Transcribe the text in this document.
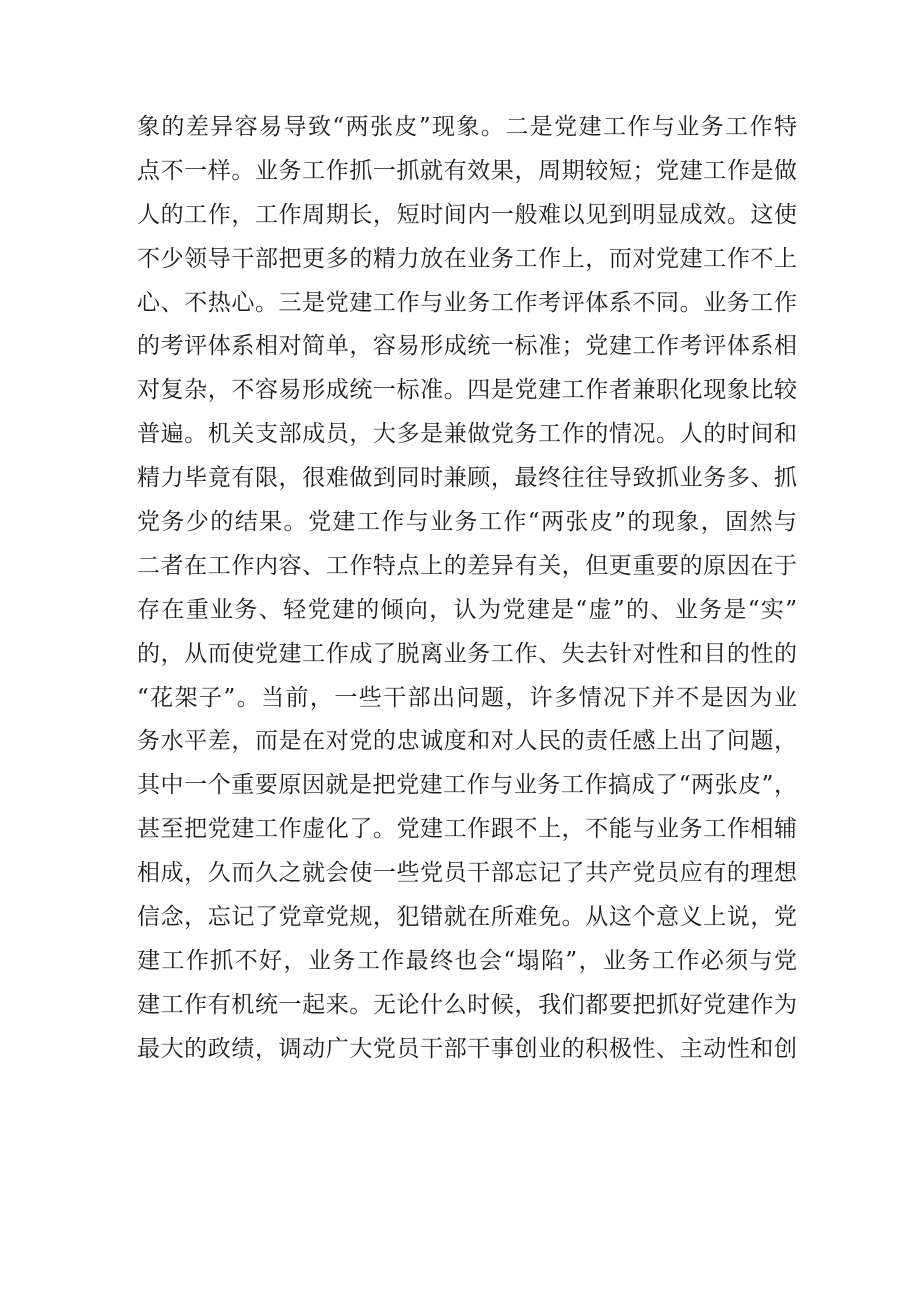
象的差异容易导致“两张皮”现象。二是党建工作与业务工作特
点不一样。业务工作抓一抓就有效果，周期较短；党建工作是做
人的工作，工作周期长，短时间内一般难以见到明显成效。这使
不少领导干部把更多的精力放在业务工作上，而对党建工作不上
心、不热心。三是党建工作与业务工作考评体系不同。业务工作
的考评体系相对简单，容易形成统一标准；党建工作考评体系相
对复杂，不容易形成统一标准。四是党建工作者兼职化现象比较
普遍。机关支部成员，大多是兼做党务工作的情况。人的时间和
精力毕竟有限，很难做到同时兼顾，最终往往导致抓业务多、抓
党务少的结果。党建工作与业务工作“两张皮”的现象，固然与
二者在工作内容、工作特点上的差异有关，但更重要的原因在于
存在重业务、轻党建的倾向，认为党建是“虚”的、业务是“实”
的，从而使党建工作成了脱离业务工作、失去针对性和目的性的
“花架子”。当前，一些干部出问题，许多情况下并不是因为业
务水平差，而是在对党的忠诚度和对人民的责任感上出了问题，
其中一个重要原因就是把党建工作与业务工作搞成了“两张皮”，
甚至把党建工作虚化了。党建工作跟不上，不能与业务工作相辅
相成，久而久之就会使一些党员干部忘记了共产党员应有的理想
信念，忘记了党章党规，犯错就在所难免。从这个意义上说，党
建工作抓不好，业务工作最终也会“塌陷”，业务工作必须与党
建工作有机统一起来。无论什么时候，我们都要把抓好党建作为
最大的政绩，调动广大党员干部干事创业的积极性、主动性和创
